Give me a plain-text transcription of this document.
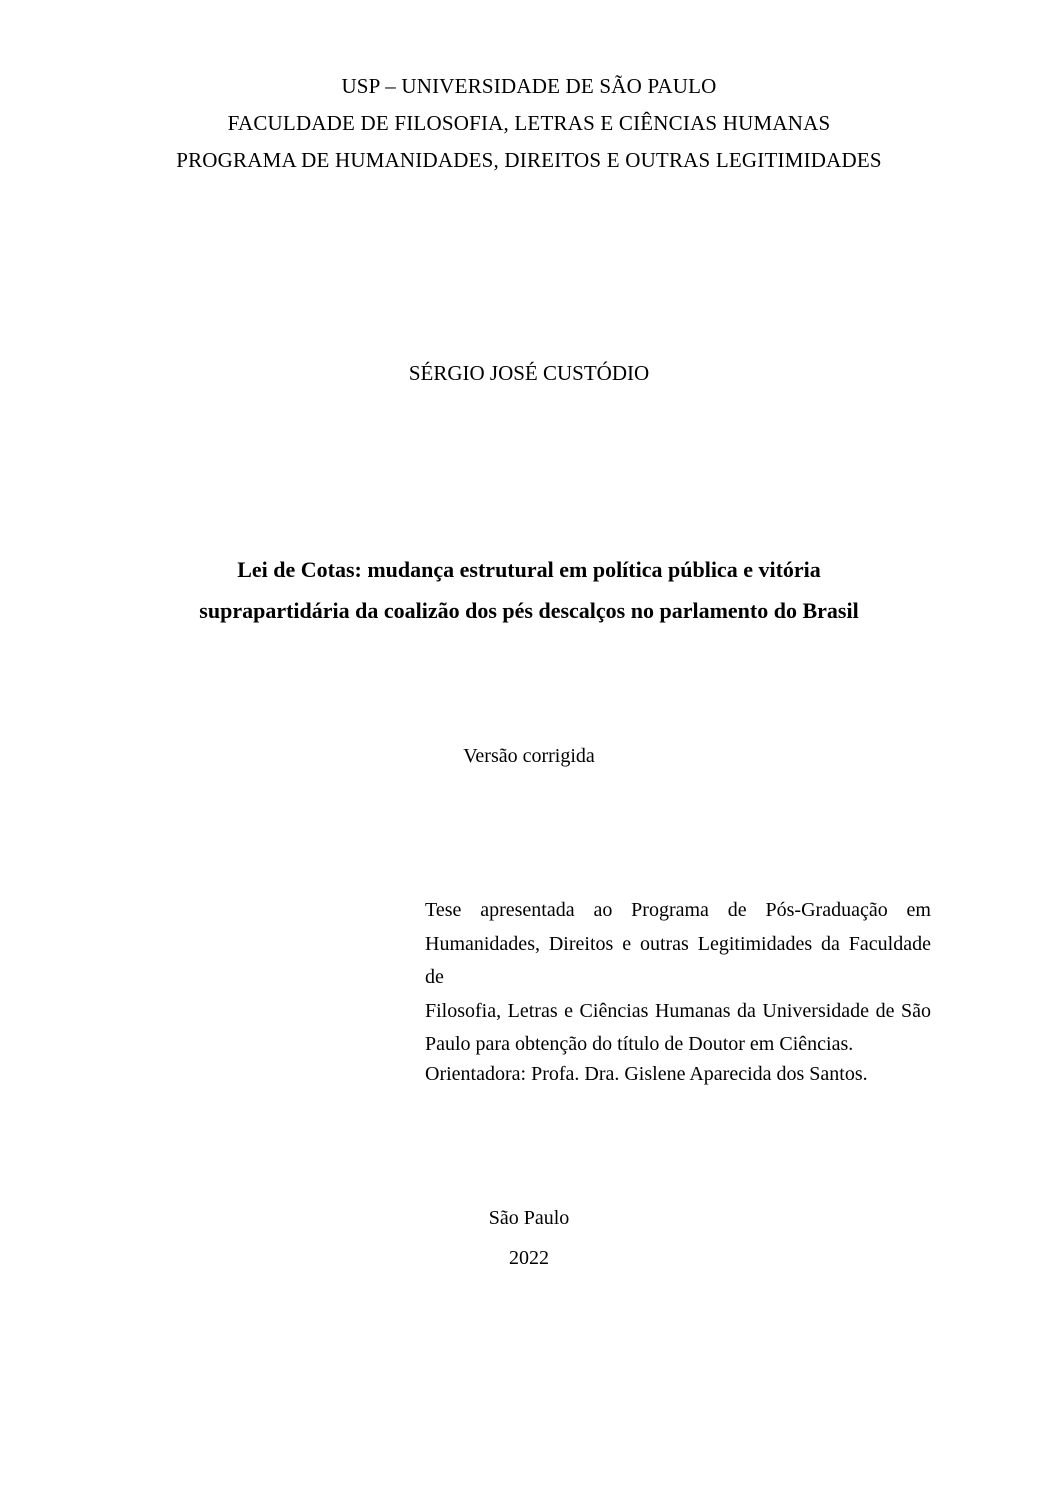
USP – UNIVERSIDADE DE SÃO PAULO
FACULDADE DE FILOSOFIA, LETRAS E CIÊNCIAS HUMANAS
PROGRAMA DE HUMANIDADES, DIREITOS E OUTRAS LEGITIMIDADES
SÉRGIO JOSÉ CUSTÓDIO
Lei de Cotas: mudança estrutural em política pública e vitória
suprapartidária da coalizão dos pés descalços no parlamento do Brasil
Versão corrigida
Tese apresentada ao Programa de Pós-Graduação em
Humanidades, Direitos e outras Legitimidades da Faculdade de
Filosofia, Letras e Ciências Humanas da Universidade de São
Paulo para obtenção do título de Doutor em Ciências.
Orientadora: Profa. Dra. Gislene Aparecida dos Santos.
São Paulo
2022
